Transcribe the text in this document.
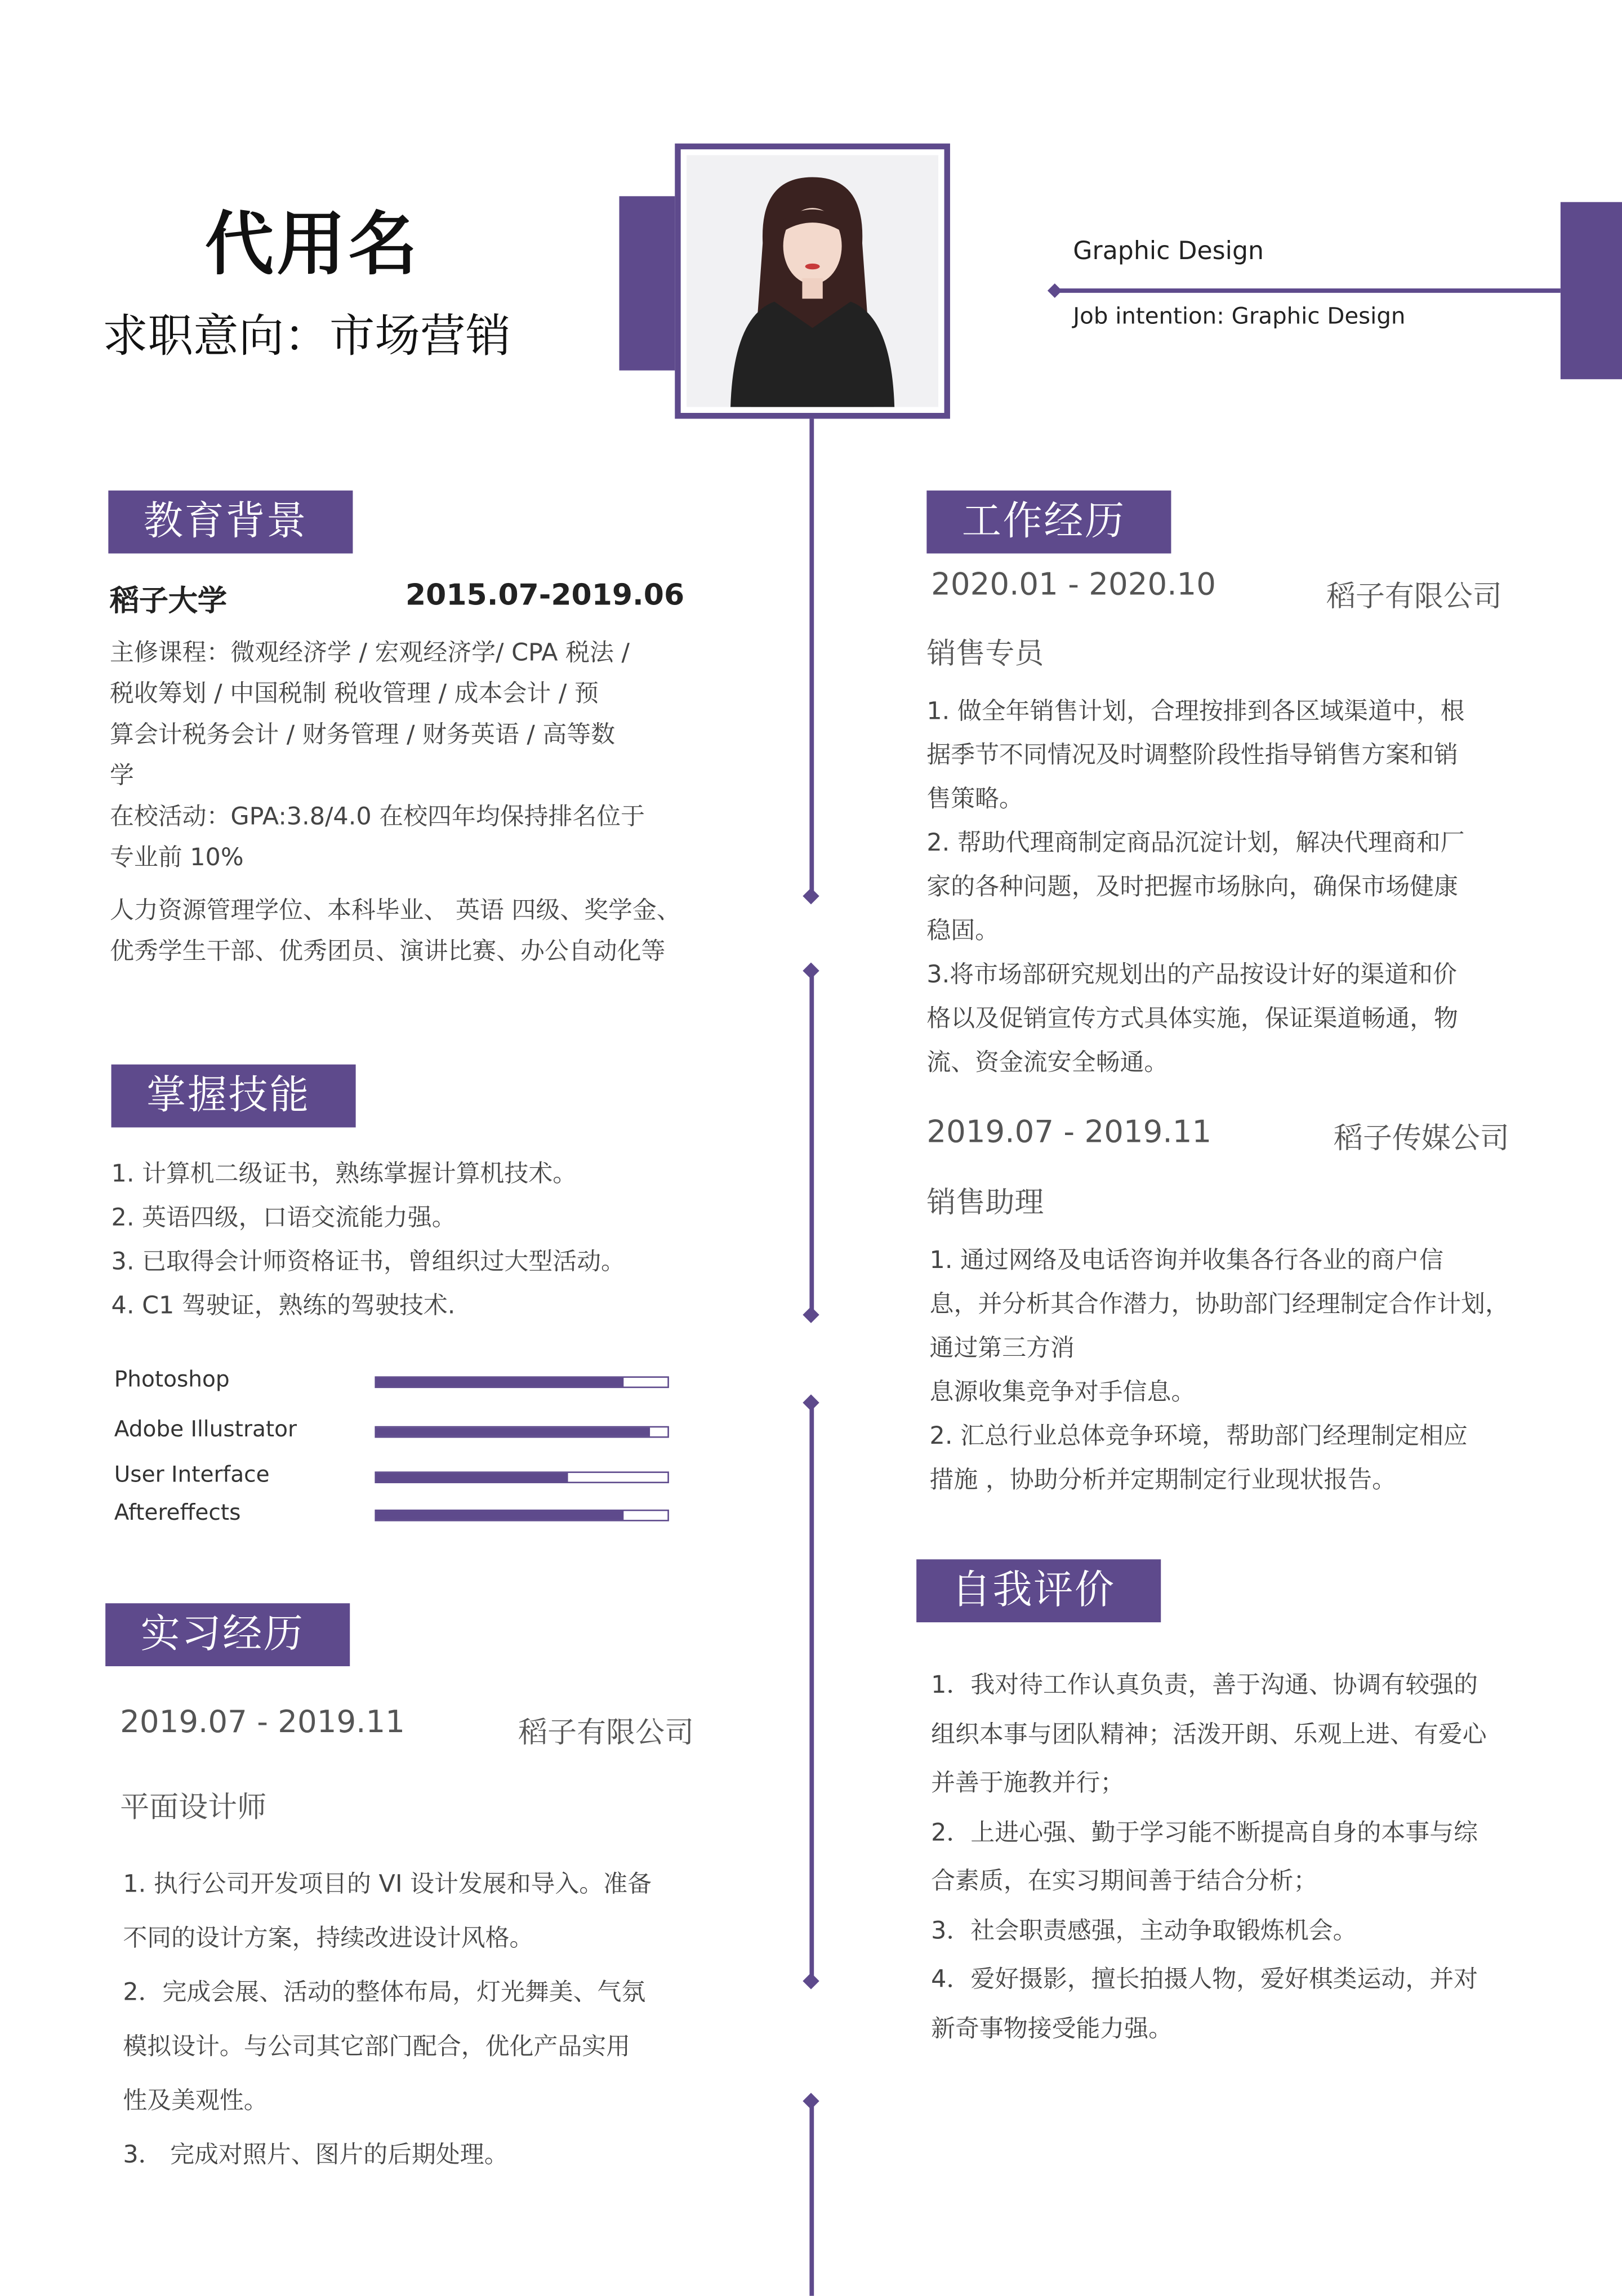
代用名
求职意向：市场营销
Graphic Design
Job intention: Graphic Design
教育背景
稻子大学	2015.07-2019.06
主修课程：微观经济学 / 宏观经济学/ CPA 税法 /
税收筹划 / 中国税制 税收管理 / 成本会计 / 预
算会计税务会计 / 财务管理 / 财务英语 / 高等数
学
在校活动：GPA:3.8/4.0 在校四年均保持排名位于
专业前 10%
人力资源管理学位、本科毕业、 英语 四级、奖学金、
优秀学生干部、优秀团员、演讲比赛、办公自动化等
掌握技能
1. 计算机二级证书，熟练掌握计算机技术。
2. 英语四级，口语交流能力强。
3. 已取得会计师资格证书，曾组织过大型活动。
4. C1 驾驶证，熟练的驾驶技术.
Photoshop
Adobe Illustrator
User Interface
Aftereffects
实习经历
2019.07 - 2019.11	稻子有限公司
平面设计师
1. 执行公司开发项目的 VI 设计发展和导入。准备
不同的设计方案，持续改进设计风格。
2．完成会展、活动的整体布局，灯光舞美、气氛
模拟设计。与公司其它部门配合，优化产品实用
性及美观性。
3． 完成对照片、图片的后期处理。
工作经历
2020.01 - 2020.10	稻子有限公司
销售专员
1. 做全年销售计划，合理按排到各区域渠道中，根
据季节不同情况及时调整阶段性指导销售方案和销
售策略。
2. 帮助代理商制定商品沉淀计划，解决代理商和厂
家的各种问题，及时把握市场脉向，确保市场健康
稳固。
3.将市场部研究规划出的产品按设计好的渠道和价
格以及促销宣传方式具体实施，保证渠道畅通，物
流、资金流安全畅通。
2019.07 - 2019.11	稻子传媒公司
销售助理
1. 通过网络及电话咨询并收集各行各业的商户信
息，并分析其合作潜力，协助部门经理制定合作计划，
通过第三方消
息源收集竞争对手信息。
2. 汇总行业总体竞争环境，帮助部门经理制定相应
措施 ，协助分析并定期制定行业现状报告。
自我评价
1．我对待工作认真负责，善于沟通、协调有较强的
组织本事与团队精神；活泼开朗、乐观上进、有爱心
并善于施教并行；
2．上进心强、勤于学习能不断提高自身的本事与综
合素质，在实习期间善于结合分析；
3．社会职责感强，主动争取锻炼机会。
4．爱好摄影，擅长拍摄人物，爱好棋类运动，并对
新奇事物接受能力强。
